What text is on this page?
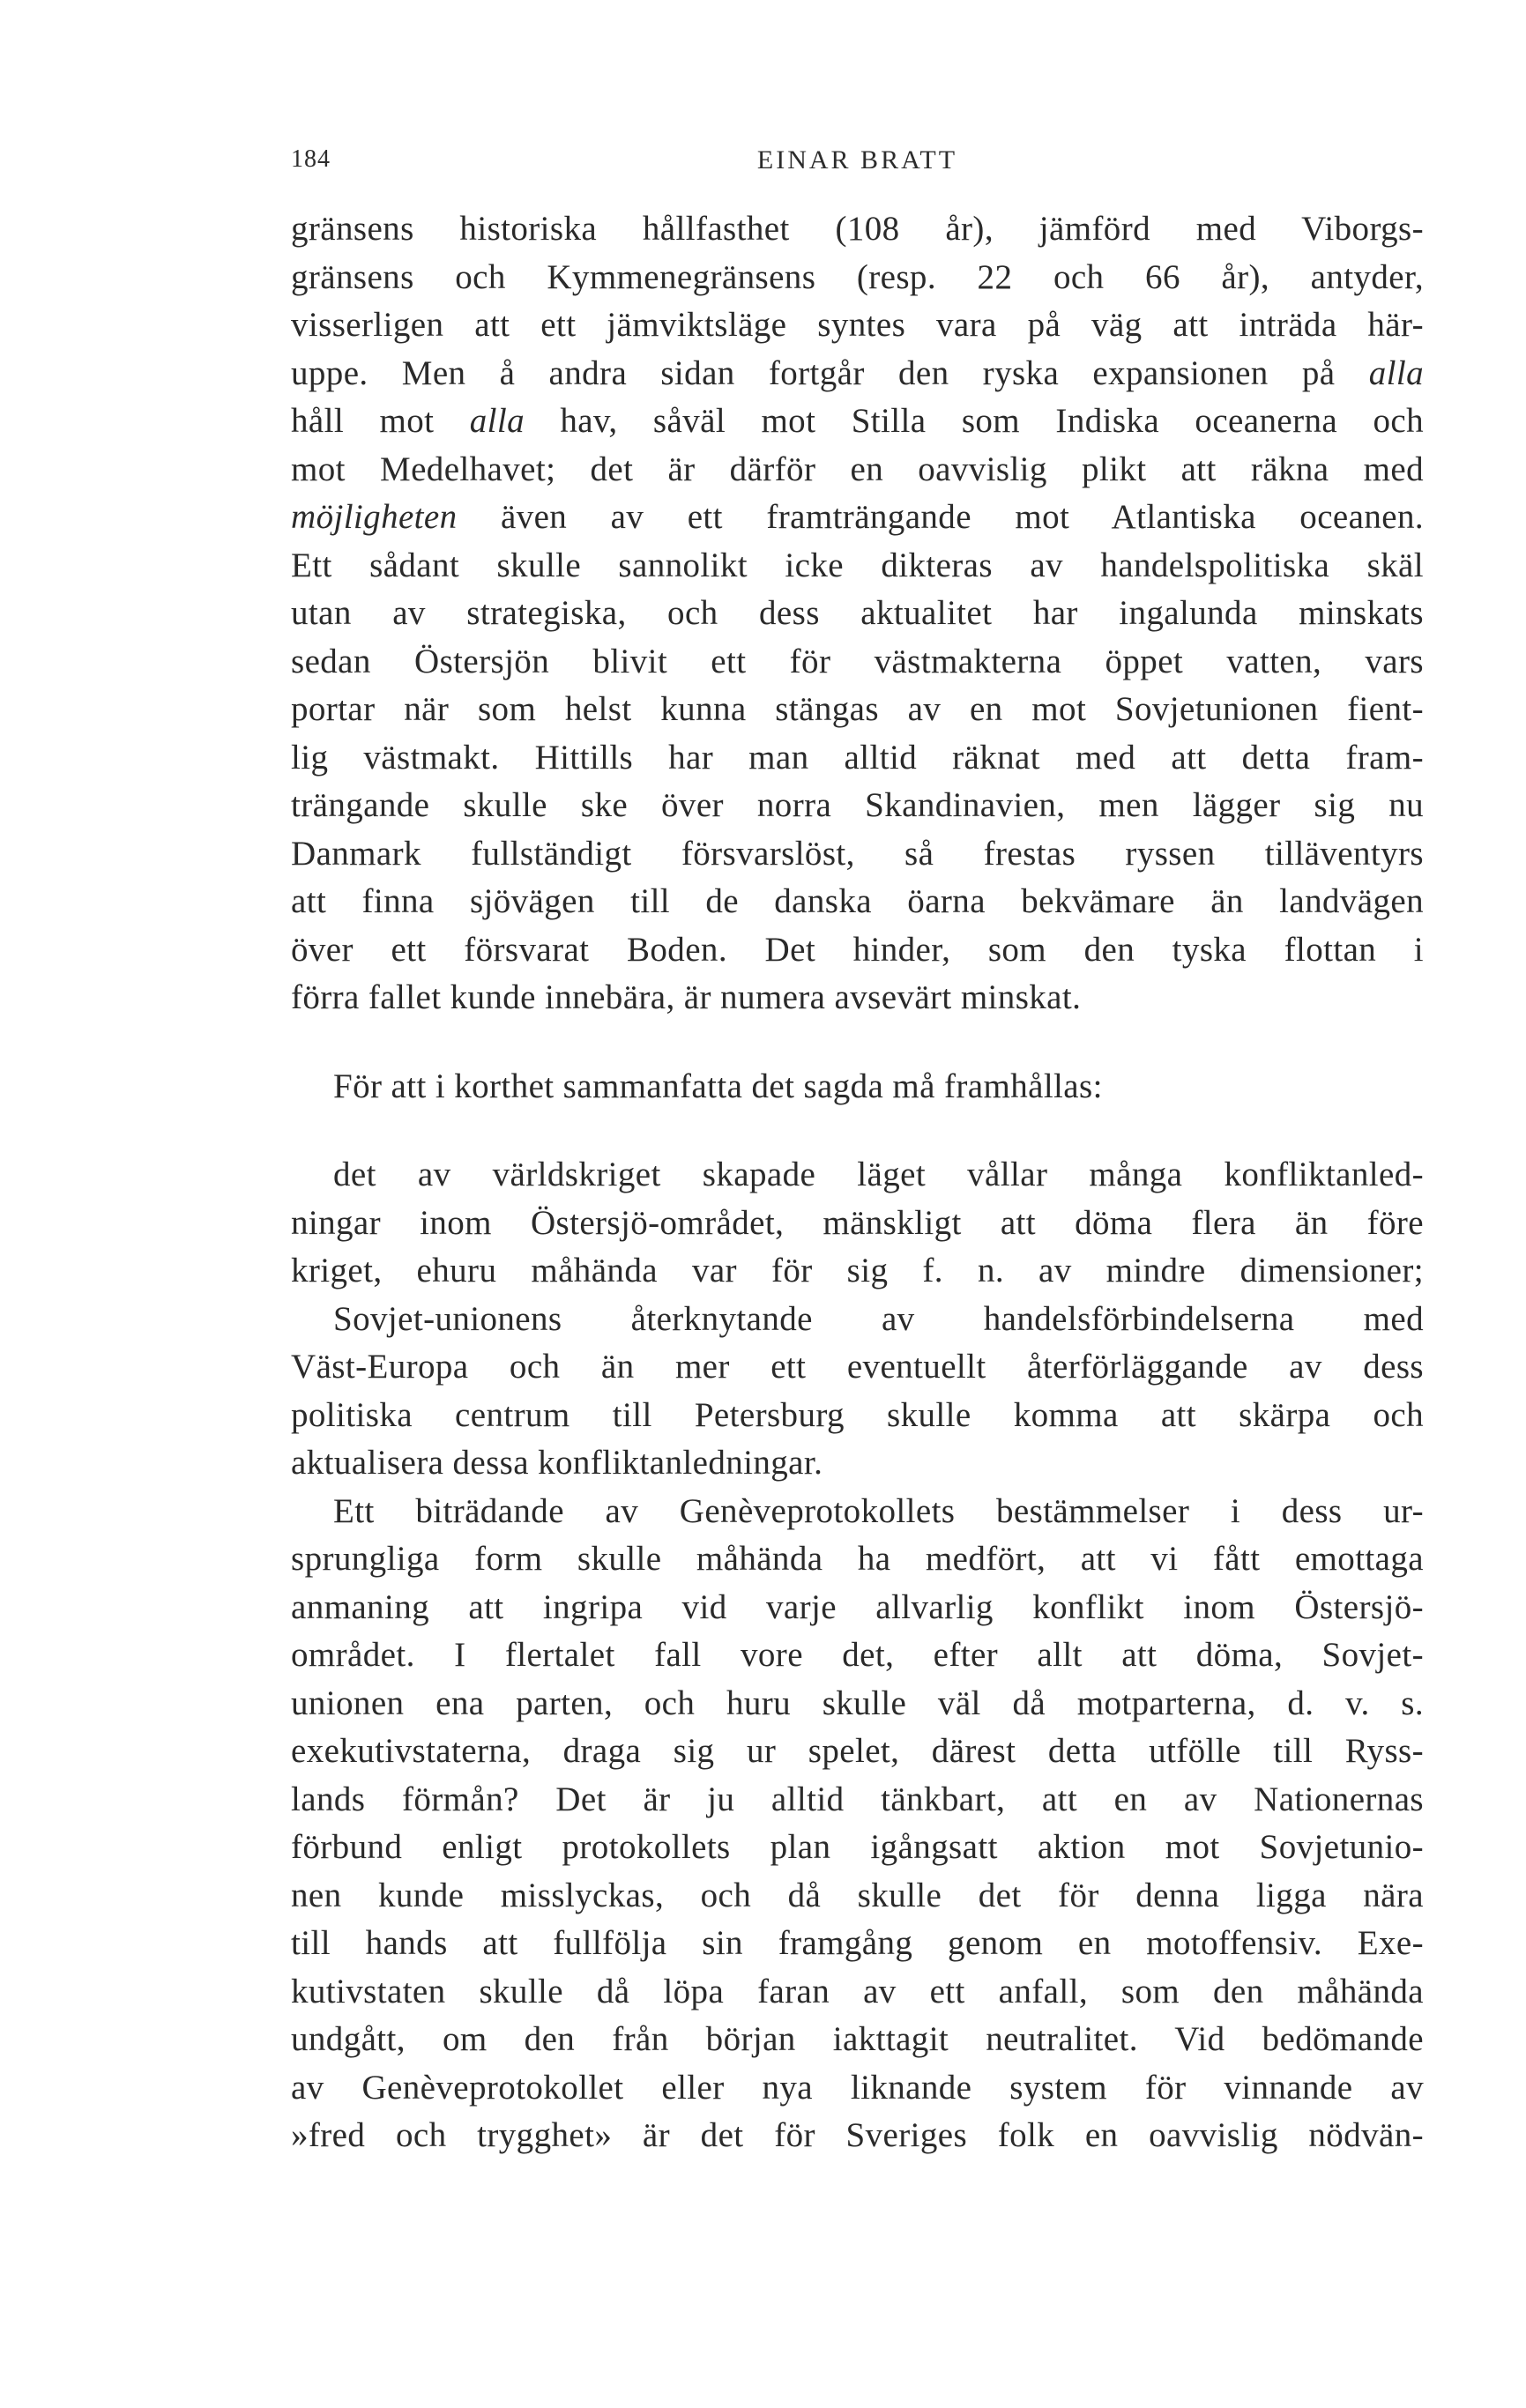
184	EINAR BRATT
gränsens historiska hållfasthet (108 år), jämförd med Viborgs-
gränsens och Kymmenegränsens (resp. 22 och 66 år), antyder,
visserligen att ett jämviktsläge syntes vara på väg att inträda här-
uppe. Men å andra sidan fortgår den ryska expansionen på alla
håll mot alla hav, såväl mot Stilla som Indiska oceanerna och
mot Medelhavet; det är därför en oavvislig plikt att räkna med
möjligheten även av ett framträngande mot Atlantiska oceanen.
Ett sådant skulle sannolikt icke dikteras av handelspolitiska skäl
utan av strategiska, och dess aktualitet har ingalunda minskats
sedan Östersjön blivit ett för västmakterna öppet vatten, vars
portar när som helst kunna stängas av en mot Sovjetunionen fient-
lig västmakt. Hittills har man alltid räknat med att detta fram-
trängande skulle ske över norra Skandinavien, men lägger sig nu
Danmark fullständigt försvarslöst, så frestas ryssen tilläventyrs
att finna sjövägen till de danska öarna bekvämare än landvägen
över ett försvarat Boden. Det hinder, som den tyska flottan i
förra fallet kunde innebära, är numera avsevärt minskat.
För att i korthet sammanfatta det sagda må framhållas:
det av världskriget skapade läget vållar många konfliktanled-
ningar inom Östersjö-området, mänskligt att döma flera än före
kriget, ehuru måhända var för sig f. n. av mindre dimensioner;
Sovjet-unionens återknytande av handelsförbindelserna med
Väst-Europa och än mer ett eventuellt återförläggande av dess
politiska centrum till Petersburg skulle komma att skärpa och
aktualisera dessa konfliktanledningar.
Ett biträdande av Genèveprotokollets bestämmelser i dess ur-
sprungliga form skulle måhända ha medfört, att vi fått emottaga
anmaning att ingripa vid varje allvarlig konflikt inom Östersjö-
området. I flertalet fall vore det, efter allt att döma, Sovjet-
unionen ena parten, och huru skulle väl då motparterna, d. v. s.
exekutivstaterna, draga sig ur spelet, därest detta utfölle till Ryss-
lands förmån? Det är ju alltid tänkbart, att en av Nationernas
förbund enligt protokollets plan igångsatt aktion mot Sovjetunio-
nen kunde misslyckas, och då skulle det för denna ligga nära
till hands att fullfölja sin framgång genom en motoffensiv. Exe-
kutivstaten skulle då löpa faran av ett anfall, som den måhända
undgått, om den från början iakttagit neutralitet. Vid bedömande
av Genèveprotokollet eller nya liknande system för vinnande av
»fred och trygghet» är det för Sveriges folk en oavvislig nödvän-
